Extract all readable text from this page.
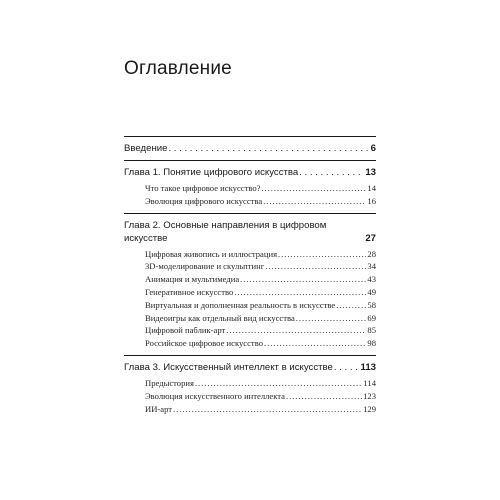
Оглавление
Введение . . .	6
Глава 1. Понятие цифрового искусства . . .	13
Что такое цифровое искусство? . . .	14
Эволюция цифрового искусства . . .	16
Глава 2. Основные направления в цифровом
искусстве	27
Цифровая живопись и иллюстрация . . .	28
3D-моделирование и скульптинг . . .	34
Анимация и мультимедиа . . .	43
Генеративное искусство . . .	49
Виртуальная и дополненная реальность в искусстве . . .	58
Видеоигры как отдельный вид искусства . . .	69
Цифровой паблик-арт . . .	85
Российское цифровое искусство . . .	98
Глава 3. Искусственный интеллект в искусстве . . .	113
Предыстория . . .	114
Эволюция искусственного интеллекта . . .	123
ИИ-арт . . .	129
